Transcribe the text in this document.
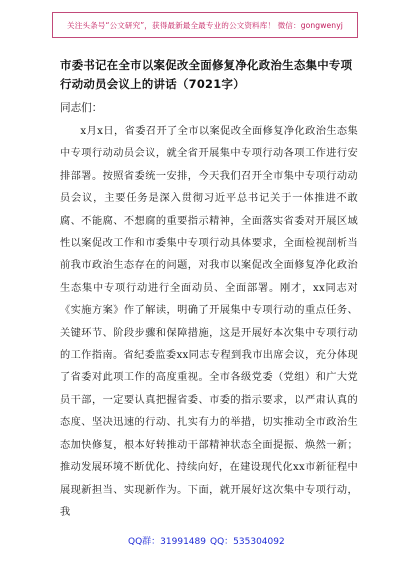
关注头条号“公文研究”，获得最新最全最专业的公文资料库！ 微信：gongwenyj
市委书记在全市以案促改全面修复净化政治生态集中专项行动动员会议上的讲话（7021字）
同志们：

x月x日，省委召开了全市以案促改全面修复净化政治生态集中专项行动动员会议，就全省开展集中专项行动各项工作进行安排部署。按照省委统一安排，今天我们召开全市集中专项行动动员会议，主要任务是深入贯彻习近平总书记关于一体推进不敢腐、不能腐、不想腐的重要指示精神，全面落实省委对开展区域性以案促改工作和市委集中专项行动具体要求，全面检视剖析当前我市政治生态存在的问题，对我市以案促改全面修复净化政治生态集中专项行动进行全面动员、全面部署。刚才，xx同志对《实施方案》作了解读，明确了开展集中专项行动的重点任务、关键环节、阶段步骤和保障措施，这是开展好本次集中专项行动的工作指南。省纪委监委xx同志专程到我市出席会议，充分体现了省委对此项工作的高度重视。全市各级党委（党组）和广大党员干部，一定要认真把握省委、市委的指示要求，以严肃认真的态度、坚决迅速的行动、扎实有力的举措，切实推动全市政治生态加快修复，根本好转推动干部精神状态全面提振、焕然一新；推动发展环境不断优化、持续向好，在建设现代化xx市新征程中展现新担当、实现新作为。下面，就开展好这次集中专项行动，我

QQ群：31991489 QQ：535304092
